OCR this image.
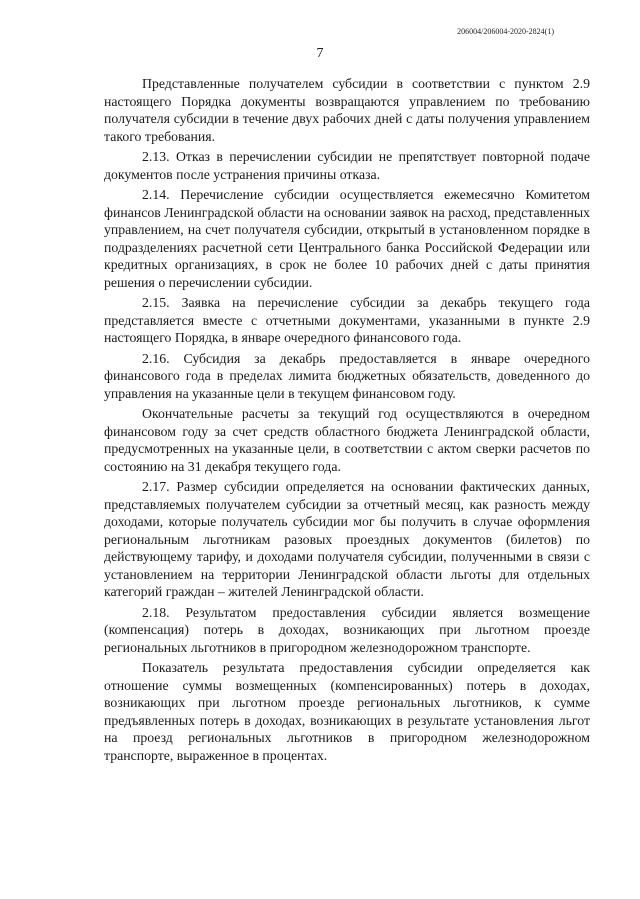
206004/206004-2020-2824(1)
7

Представленные получателем субсидии в соответствии с пунктом 2.9 настоящего Порядка документы возвращаются управлением по требованию получателя субсидии в течение двух рабочих дней с даты получения управлением такого требования.

2.13. Отказ в перечислении субсидии не препятствует повторной подаче документов после устранения причины отказа.

2.14. Перечисление субсидии осуществляется ежемесячно Комитетом финансов Ленинградской области на основании заявок на расход, представленных управлением, на счет получателя субсидии, открытый в установленном порядке в подразделениях расчетной сети Центрального банка Российской Федерации или кредитных организациях, в срок не более 10 рабочих дней с даты принятия решения о перечислении субсидии.

2.15. Заявка на перечисление субсидии за декабрь текущего года представляется вместе с отчетными документами, указанными в пункте 2.9 настоящего Порядка, в январе очередного финансового года.

2.16. Субсидия за декабрь предоставляется в январе очередного финансового года в пределах лимита бюджетных обязательств, доведенного до управления на указанные цели в текущем финансовом году.

Окончательные расчеты за текущий год осуществляются в очередном финансовом году за счет средств областного бюджета Ленинградской области, предусмотренных на указанные цели, в соответствии с актом сверки расчетов по состоянию на 31 декабря текущего года.

2.17. Размер субсидии определяется на основании фактических данных, представляемых получателем субсидии за отчетный месяц, как разность между доходами, которые получатель субсидии мог бы получить в случае оформления региональным льготникам разовых проездных документов (билетов) по действующему тарифу, и доходами получателя субсидии, полученными в связи с установлением на территории Ленинградской области льготы для отдельных категорий граждан – жителей Ленинградской области.

2.18. Результатом предоставления субсидии является возмещение (компенсация) потерь в доходах, возникающих при льготном проезде региональных льготников в пригородном железнодорожном транспорте.

Показатель результата предоставления субсидии определяется как отношение суммы возмещенных (компенсированных) потерь в доходах, возникающих при льготном проезде региональных льготников, к сумме предъявленных потерь в доходах, возникающих в результате установления льгот на проезд региональных льготников в пригородном железнодорожном транспорте, выраженное в процентах.
